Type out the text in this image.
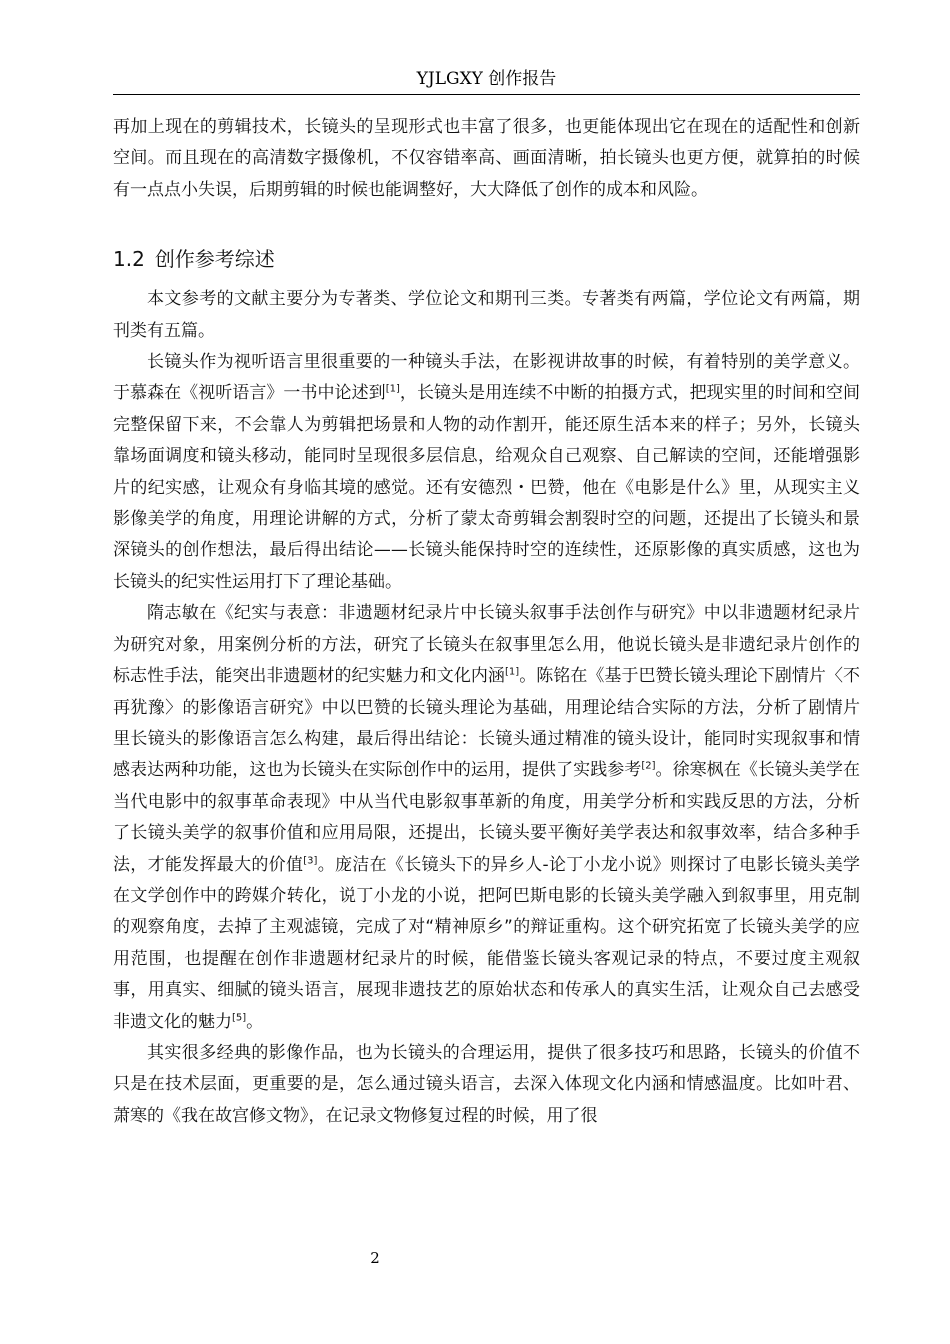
YJLGXY 创作报告

再加上现在的剪辑技术，长镜头的呈现形式也丰富了很多，也更能体现出它在现在的适配性和创新空间。而且现在的高清数字摄像机，不仅容错率高、画面清晰，拍长镜头也更方便，就算拍的时候有一点点小失误，后期剪辑的时候也能调整好，大大降低了创作的成本和风险。

1.2 创作参考综述

本文参考的文献主要分为专著类、学位论文和期刊三类。专著类有两篇，学位论文有两篇，期刊类有五篇。

长镜头作为视听语言里很重要的一种镜头手法，在影视讲故事的时候，有着特别的美学意义。于慕森在《视听语言》一书中论述到[1]，长镜头是用连续不中断的拍摄方式，把现实里的时间和空间完整保留下来，不会靠人为剪辑把场景和人物的动作割开，能还原生活本来的样子；另外，长镜头靠场面调度和镜头移动，能同时呈现很多层信息，给观众自己观察、自己解读的空间，还能增强影片的纪实感，让观众有身临其境的感觉。还有安德烈・巴赞，他在《电影是什么》里，从现实主义影像美学的角度，用理论讲解的方式，分析了蒙太奇剪辑会割裂时空的问题，还提出了长镜头和景深镜头的创作想法，最后得出结论——长镜头能保持时空的连续性，还原影像的真实质感，这也为长镜头的纪实性运用打下了理论基础。

隋志敏在《纪实与表意：非遗题材纪录片中长镜头叙事手法创作与研究》中以非遗题材纪录片为研究对象，用案例分析的方法，研究了长镜头在叙事里怎么用，他说长镜头是非遗纪录片创作的标志性手法，能突出非遗题材的纪实魅力和文化内涵[1]。陈铭在《基于巴赞长镜头理论下剧情片〈不再犹豫〉的影像语言研究》中以巴赞的长镜头理论为基础，用理论结合实际的方法，分析了剧情片里长镜头的影像语言怎么构建，最后得出结论：长镜头通过精准的镜头设计，能同时实现叙事和情感表达两种功能，这也为长镜头在实际创作中的运用，提供了实践参考[2]。徐寒枫在《长镜头美学在当代电影中的叙事革命表现》中从当代电影叙事革新的角度，用美学分析和实践反思的方法，分析了长镜头美学的叙事价值和应用局限，还提出，长镜头要平衡好美学表达和叙事效率，结合多种手法，才能发挥最大的价值[3]。庞洁在《长镜头下的异乡人-论丁小龙小说》则探讨了电影长镜头美学在文学创作中的跨媒介转化，说丁小龙的小说，把阿巴斯电影的长镜头美学融入到叙事里，用克制的观察角度，去掉了主观滤镜，完成了对“精神原乡”的辩证重构。这个研究拓宽了长镜头美学的应用范围，也提醒在创作非遗题材纪录片的时候，能借鉴长镜头客观记录的特点，不要过度主观叙事，用真实、细腻的镜头语言，展现非遗技艺的原始状态和传承人的真实生活，让观众自己去感受非遗文化的魅力[5]。

其实很多经典的影像作品，也为长镜头的合理运用，提供了很多技巧和思路，长镜头的价值不只是在技术层面，更重要的是，怎么通过镜头语言，去深入体现文化内涵和情感温度。比如叶君、萧寒的《我在故宫修文物》，在记录文物修复过程的时候，用了很

2
